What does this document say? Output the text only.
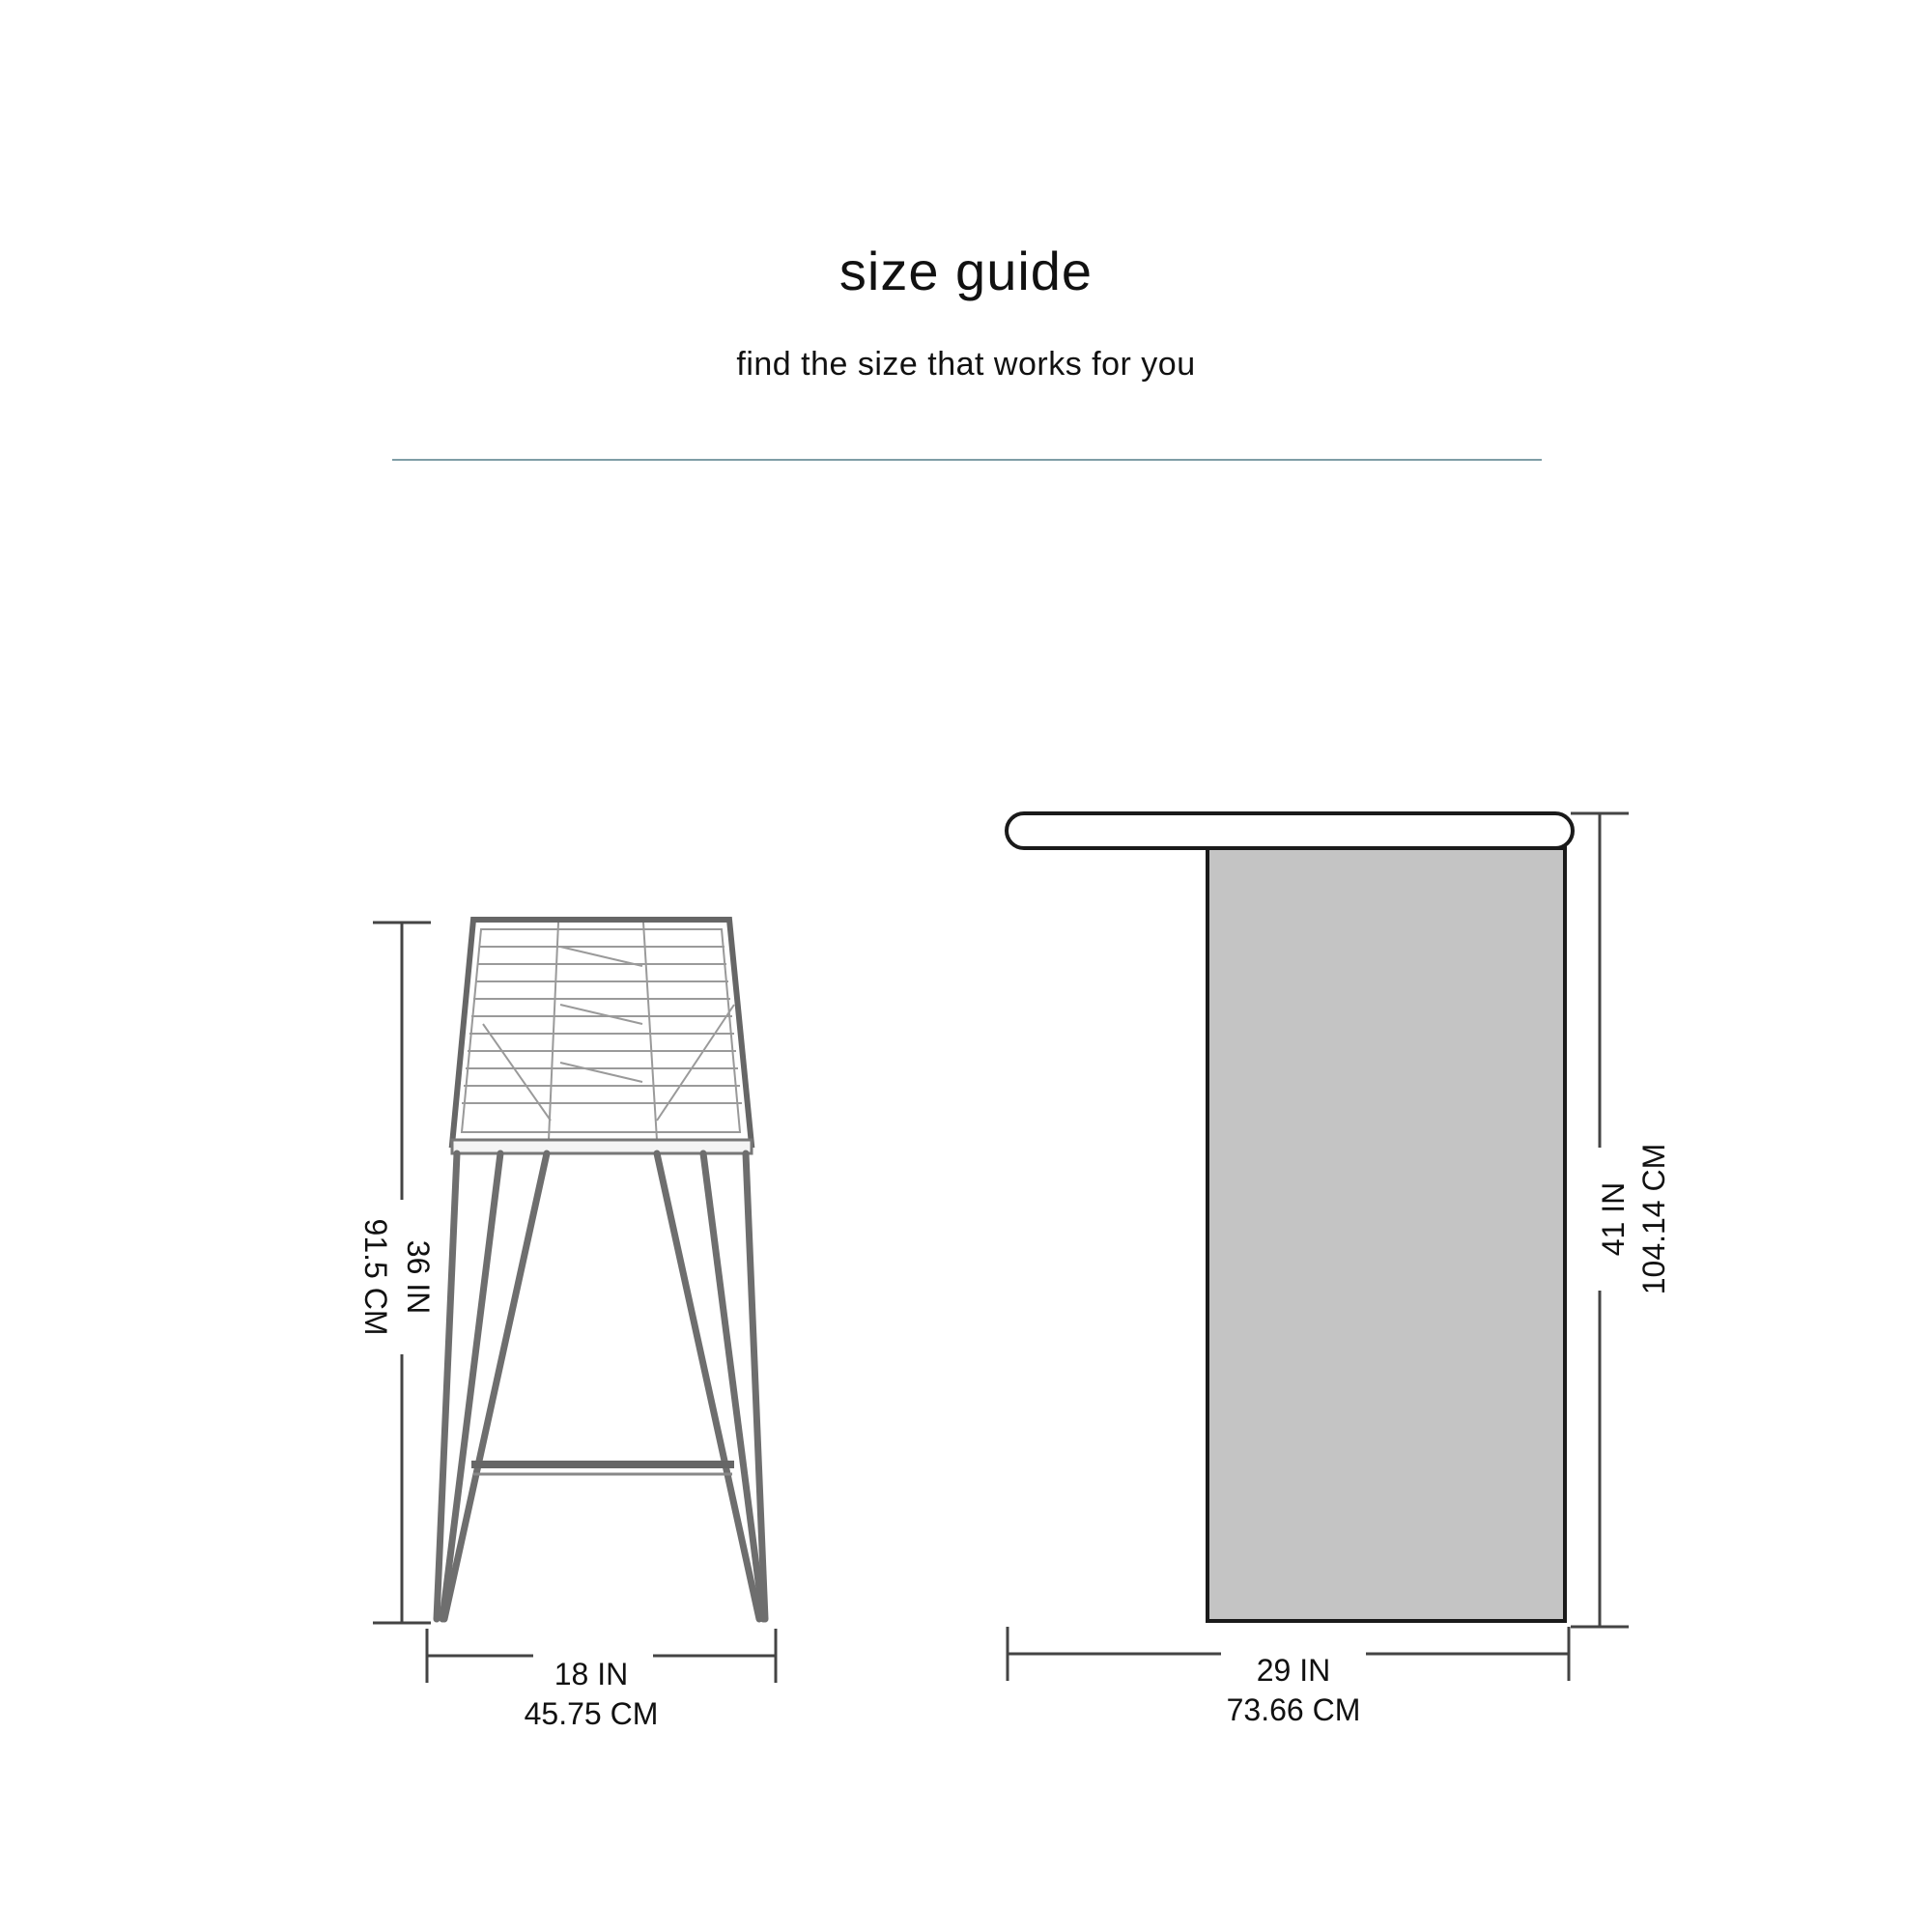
size guide
find the size that works for you
36 IN
91.5 CM
18 IN
45.75 CM
41 IN 104.14 CM
29 IN
73.66 CM
